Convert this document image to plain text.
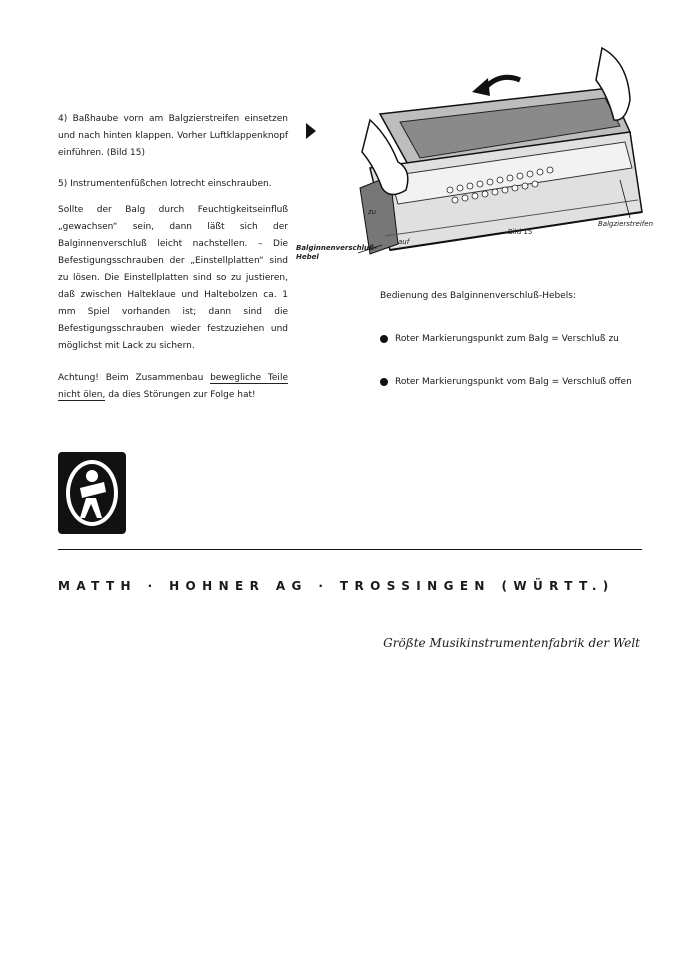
4) Baßhaube vorn am Balgzierstreifen einsetzen und nach hinten klappen. Vorher Luftklappenknopf einführen. (Bild 15)

5) Instrumentenfüßchen lotrecht einschrauben.

Sollte der Balg durch Feuchtigkeitseinfluß „gewachsen“ sein, dann läßt sich der Balginnenverschluß leicht nachstellen. – Die Befestigungsschrauben der „Einstellplatten“ sind zu lösen. Die Einstellplatten sind so zu justieren, daß zwischen Halteklaue und Haltebolzen ca. 1 mm Spiel vorhanden ist; dann sind die Befestigungsschrauben wieder festzuziehen und möglichst mit Lack zu sichern.

Achtung! Beim Zusammenbau bewegliche Teile nicht ölen, da dies Störungen zur Folge hat!

zu
auf
Balginnenverschluß-Hebel
Bild 15
Balgzierstreifen
Bedienung des Balginnenverschluß-Hebels:
Roter Markierungspunkt zum Balg = Verschluß zu
Roter Markierungspunkt vom Balg = Verschluß offen
MATTH · HOHNER AG · TROSSINGEN (WÜRTT.)
Größte Musikinstrumentenfabrik der Welt
